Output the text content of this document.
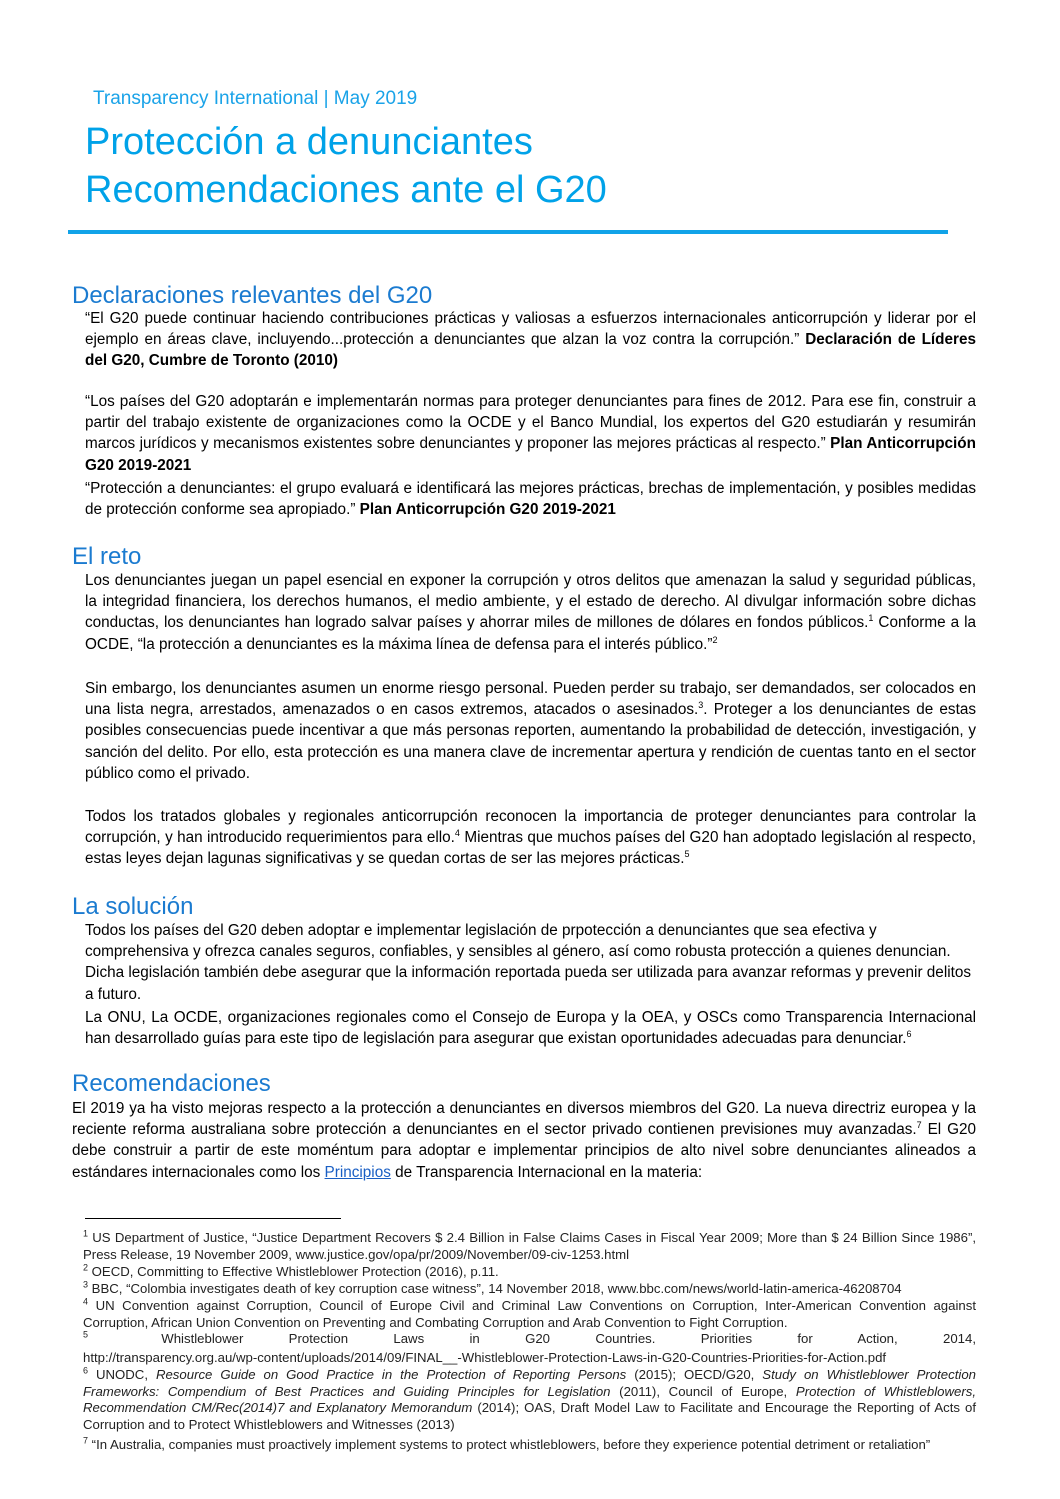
Transparency International | May 2019
Protección a denunciantes
Recomendaciones ante el G20
Declaraciones relevantes del G20

“El G20 puede continuar haciendo contribuciones prácticas y valiosas a esfuerzos internacionales anticorrupción y liderar por el ejemplo en áreas clave, incluyendo...protección a denunciantes que alzan la voz contra la corrupción.” Declaración de Líderes del G20, Cumbre de Toronto (2010)

“Los países del G20 adoptarán e implementarán normas para proteger denunciantes para fines de 2012. Para ese fin, construir a partir del trabajo existente de organizaciones como la OCDE y el Banco Mundial, los expertos del G20 estudiarán y resumirán marcos jurídicos y mecanismos existentes sobre denunciantes y proponer las mejores prácticas al respecto.” Plan Anticorrupción G20 2019-2021

“Protección a denunciantes: el grupo evaluará e identificará las mejores prácticas, brechas de implementación, y posibles medidas de protección conforme sea apropiado.” Plan Anticorrupción G20 2019-2021

El reto

Los denunciantes juegan un papel esencial en exponer la corrupción y otros delitos que amenazan la salud y seguridad públicas, la integridad financiera, los derechos humanos, el medio ambiente, y el estado de derecho. Al divulgar información sobre dichas conductas, los denunciantes han logrado salvar países y ahorrar miles de millones de dólares en fondos públicos.$^1$ Conforme a la OCDE, “la protección a denunciantes es la máxima línea de defensa para el interés público.”$^2$

Sin embargo, los denunciantes asumen un enorme riesgo personal. Pueden perder su trabajo, ser demandados, ser colocados en una lista negra, arrestados, amenazados o en casos extremos, atacados o asesinados.$^3$. Proteger a los denunciantes de estas posibles consecuencias puede incentivar a que más personas reporten, aumentando la probabilidad de detección, investigación, y sanción del delito. Por ello, esta protección es una manera clave de incrementar apertura y rendición de cuentas tanto en el sector público como el privado.

Todos los tratados globales y regionales anticorrupción reconocen la importancia de proteger denunciantes para controlar la corrupción, y han introducido requerimientos para ello.$^4$ Mientras que muchos países del G20 han adoptado legislación al respecto, estas leyes dejan lagunas significativas y se quedan cortas de ser las mejores prácticas.$^5$

La solución

Todos los países del G20 deben adoptar e implementar legislación de prpotección a denunciantes que sea efectiva y comprehensiva y ofrezca canales seguros, confiables, y sensibles al género, así como robusta protección a quienes denuncian. Dicha legislación también debe asegurar que la información reportada pueda ser utilizada para avanzar reformas y prevenir delitos a futuro.

La ONU, La OCDE, organizaciones regionales como el Consejo de Europa y la OEA, y OSCs como Transparencia Internacional han desarrollado guías para este tipo de legislación para asegurar que existan oportunidades adecuadas para denunciar.$^6$

Recomendaciones

El 2019 ya ha visto mejoras respecto a la protección a denunciantes en diversos miembros del G20. La nueva directriz europea y la reciente reforma australiana sobre protección a denunciantes en el sector privado contienen previsiones muy avanzadas.$^7$ El G20 debe construir a partir de este moméntum para adoptar e implementar principios de alto nivel sobre denunciantes alineados a estándares internacionales como los Principios de Transparencia Internacional en la materia:

$^1$ US Department of Justice, “Justice Department Recovers $ 2.4 Billion in False Claims Cases in Fiscal Year 2009; More than $ 24 Billion Since 1986”, Press Release, 19 November 2009, www.justice.gov/opa/pr/2009/November/09-civ-1253.html

$^2$ OECD, Committing to Effective Whistleblower Protection (2016), p.11.

$^3$ BBC, “Colombia investigates death of key corruption case witness”, 14 November 2018, www.bbc.com/news/world-latin-america-46208704

$^4$ UN Convention against Corruption, Council of Europe Civil and Criminal Law Conventions on Corruption, Inter-American Convention against Corruption, African Union Convention on Preventing and Combating Corruption and Arab Convention to Fight Corruption.

$^5$	Whistleblower Protection Laws in G20 Countries. Priorities for Action, 2014,

http://transparency.org.au/wp-content/uploads/2014/09/FINAL__-Whistleblower-Protection-Laws-in-G20-Countries-Priorities-for-Action.pdf

$^6$ UNODC, Resource Guide on Good Practice in the Protection of Reporting Persons (2015); OECD/G20, Study on Whistleblower Protection Frameworks: Compendium of Best Practices and Guiding Principles for Legislation (2011), Council of Europe, Protection of Whistleblowers, Recommendation CM/Rec(2014)7 and Explanatory Memorandum (2014); OAS, Draft Model Law to Facilitate and Encourage the Reporting of Acts of Corruption and to Protect Whistleblowers and Witnesses (2013)

$^7$ “In Australia, companies must proactively implement systems to protect whistleblowers, before they experience potential detriment or retaliation”
